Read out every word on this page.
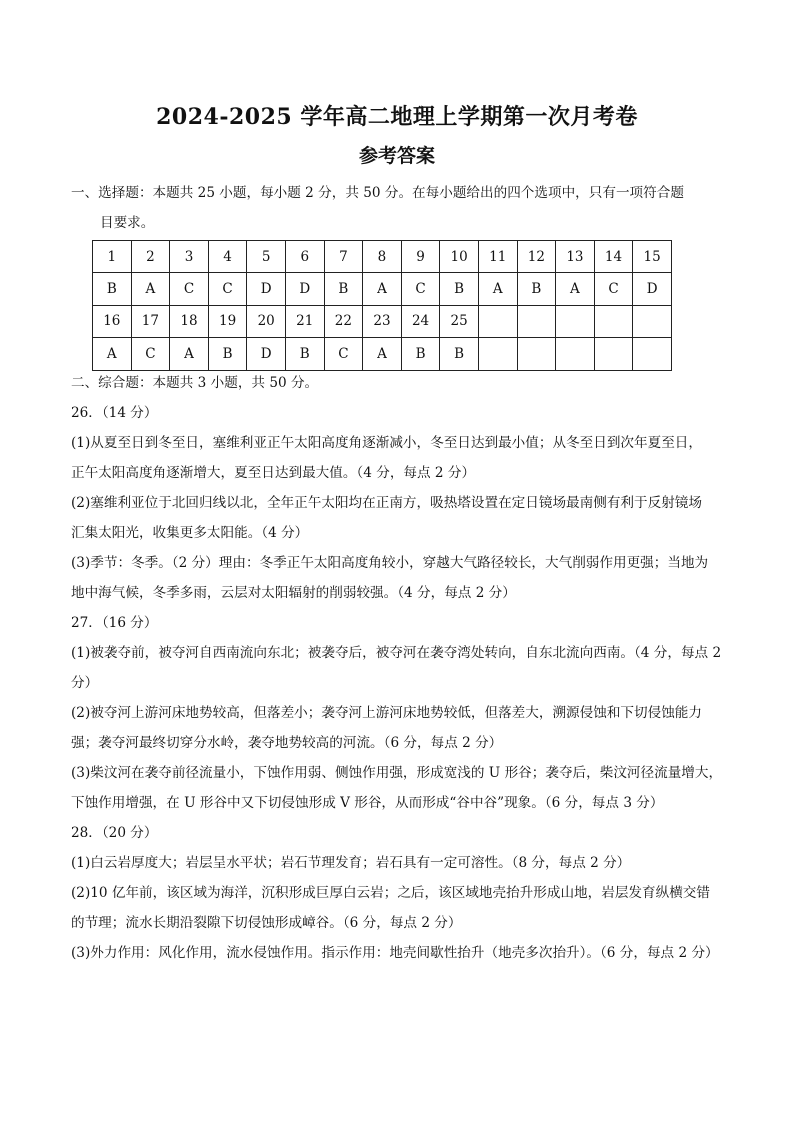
2024-2025 学年高二地理上学期第一次月考卷
参考答案
一、选择题：本题共 25 小题，每小题 2 分，共 50 分。在每小题给出的四个选项中，只有一项符合题
目要求。
1	2	3	4	5	6	7	8	9	10	11	12	13	14	15
B	A	C	C	D	D	B	A	C	B	A	B	A	C	D
16	17	18	19	20	21	22	23	24	25					
A	C	A	B	D	B	C	A	B	B					
二、综合题：本题共 3 小题，共 50 分。
26．（14 分）
(1)从夏至日到冬至日，塞维利亚正午太阳高度角逐渐减小，冬至日达到最小值；从冬至日到次年夏至日，
正午太阳高度角逐渐增大，夏至日达到最大值。（4 分，每点 2 分）
(2)塞维利亚位于北回归线以北，全年正午太阳均在正南方，吸热塔设置在定日镜场最南侧有利于反射镜场
汇集太阳光，收集更多太阳能。（4 分）
(3)季节：冬季。（2 分）理由：冬季正午太阳高度角较小，穿越大气路径较长，大气削弱作用更强；当地为
地中海气候，冬季多雨，云层对太阳辐射的削弱较强。（4 分，每点 2 分）
27．（16 分）
(1)被袭夺前，被夺河自西南流向东北；被袭夺后，被夺河在袭夺湾处转向，自东北流向西南。（4 分，每点 2
分）
(2)被夺河上游河床地势较高，但落差小；袭夺河上游河床地势较低，但落差大，溯源侵蚀和下切侵蚀能力
强；袭夺河最终切穿分水岭，袭夺地势较高的河流。（6 分，每点 2 分）
(3)柴汶河在袭夺前径流量小，下蚀作用弱、侧蚀作用强，形成宽浅的 U 形谷；袭夺后，柴汶河径流量增大，
下蚀作用增强，在 U 形谷中又下切侵蚀形成 V 形谷，从而形成“谷中谷”现象。（6 分，每点 3 分）
28．（20 分）
(1)白云岩厚度大；岩层呈水平状；岩石节理发育；岩石具有一定可溶性。（8 分，每点 2 分）
(2)10 亿年前，该区域为海洋，沉积形成巨厚白云岩；之后，该区域地壳抬升形成山地，岩层发育纵横交错
的节理；流水长期沿裂隙下切侵蚀形成嶂谷。（6 分，每点 2 分）
(3)外力作用：风化作用，流水侵蚀作用。指示作用：地壳间歇性抬升（地壳多次抬升）。（6 分，每点 2 分）
